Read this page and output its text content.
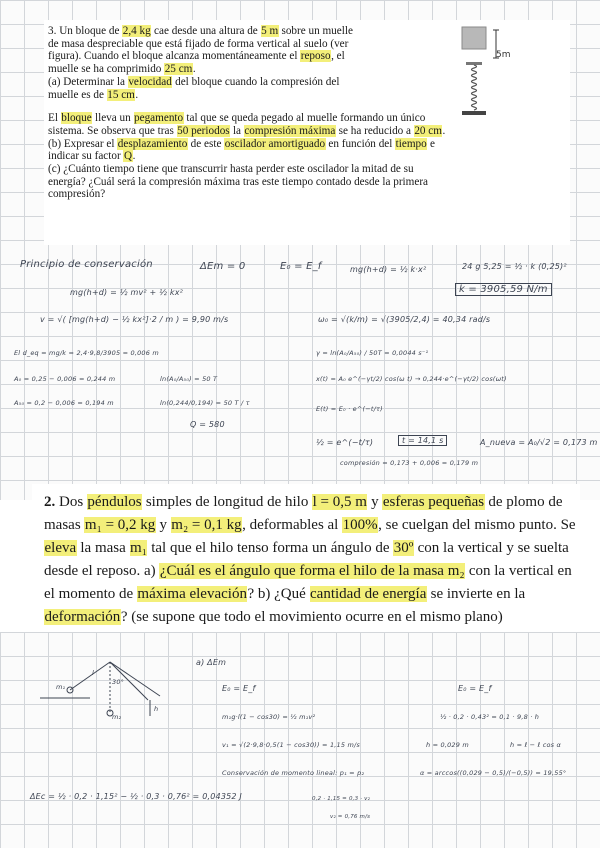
3. Un bloque de 2,4 kg cae desde una altura de 5 m sobre un muelle
de masa despreciable que está fijado de forma vertical al suelo (ver
figura). Cuando el bloque alcanza momentáneamente el reposo, el
muelle se ha comprimido 25 cm.
(a) Determinar la velocidad del bloque cuando la compresión del
muelle es de 15 cm.
El bloque lleva un pegamento tal que se queda pegado al muelle formando un único
sistema. Se observa que tras 50 periodos la compresión máxima se ha reducido a 20 cm.
(b) Expresar el desplazamiento de este oscilador amortiguado en función del tiempo e
indicar su factor Q.
(c) ¿Cuánto tiempo tiene que transcurrir hasta perder este oscilador la mitad de su
energía? ¿Cuál será la compresión máxima tras este tiempo contado desde la primera
compresión?
5m
Principio de conservación	ΔEm = 0	E₀ = E_f	mg(h+d) = ½ k·x²	24 g 5,25 = ½ · k (0,25)²
k = 3905,59 N/m
mg(h+d) = ½ mv² + ½ kx²
v = √( [mg(h+d) − ½ kx²]·2 / m ) = 9,90 m/s	ω₀ = √(k/m) = √(3905/2,4) = 40,34 rad/s
El d_eq = mg/k = 2,4·9,8/3905 = 0,006 m	γ = ln(A₀/A₅₀) / 50T = 0,0044 s⁻¹
A₀ = 0,25 − 0,006 = 0,244 m	ln(A₀/A₅₀) = 50 T	x(t) = A₀ e^(−γt/2) cos(ω t) → 0,244·e^(−γt/2) cos(ωt)
A₅₀ = 0,2 − 0,006 = 0,194 m	ln(0,244/0,194) = 50 T / τ
E(t) = E₀ · e^(−t/τ)
Q = 580
½ = e^(−t/τ)	t = 14,1 s	A_nueva = A₀/√2 = 0,173 m
compresión = 0,173 + 0,006 = 0,179 m
2. Dos péndulos simples de longitud de hilo l = 0,5 m y esferas pequeñas de plomo de
masas m₁ = 0,2 kg y m₂ = 0,1 kg, deformables al 100%, se cuelgan del mismo punto. Se
eleva la masa m₁ tal que el hilo tenso forma un ángulo de 30º con la vertical y se suelta
desde el reposo. a) ¿Cuál es el ángulo que forma el hilo de la masa m₂ con la vertical en
el momento de máxima elevación? b) ¿Qué cantidad de energía se invierte en la
deformación? (se supone que todo el movimiento ocurre en el mismo plano)
m₁
30°
m₂
l
h
a) ΔEm
E₀ = E_f	E₀ = E_f
m₁g·l(1 − cos30) = ½ m₁v²	½ · 0,2 · 0,43² = 0,1 · 9,8 · h
v₁ = √(2·9,8·0,5(1 − cos30)) = 1,15 m/s	h = 0,029 m	h = ℓ − ℓ cos α
Conservación de momento lineal: p₁ = p₂	α = arccos((0,029 − 0,5)/(−0,5)) = 19,55°
ΔEc = ½ · 0,2 · 1,15² − ½ · 0,3 · 0,76² = 0,04352 J	0,2 · 1,15 = 0,3 · v₂
v₂ = 0,76 m/s
